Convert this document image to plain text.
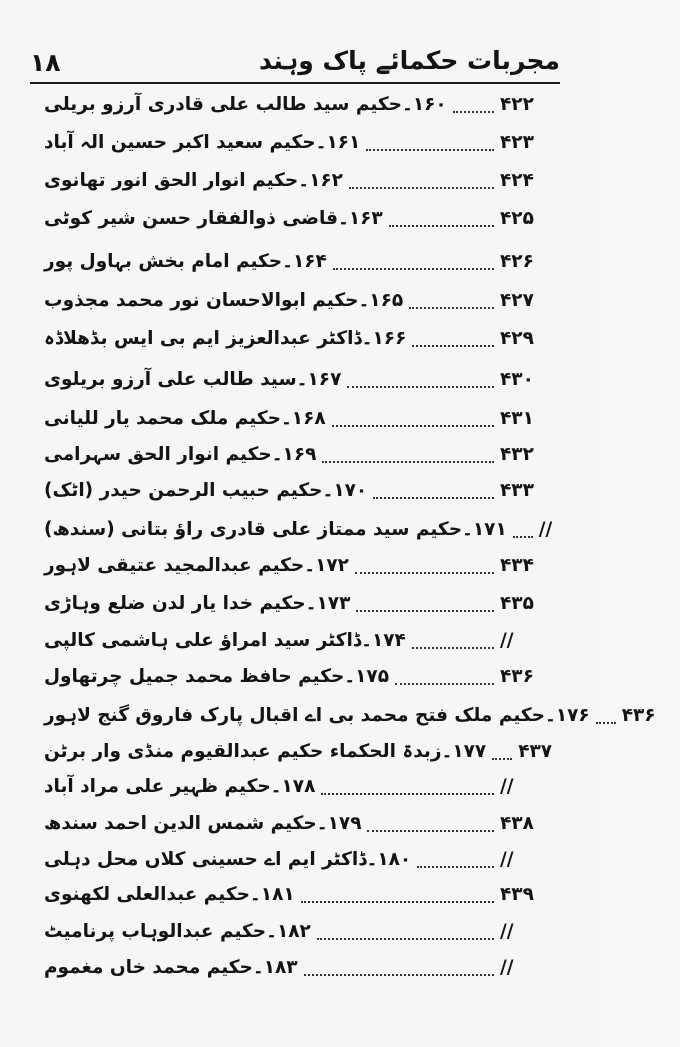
مجربات حکمائے پاک وہند
۱۸
۱۶۰۔حکیم سید طالب علی قادری آرزو بریلی	۴۲۲
۱۶۱۔حکیم سعید اکبر حسین الہ آباد	۴۲۳
۱۶۲۔حکیم انوار الحق انور تھانوی	۴۲۴
۱۶۳۔قاضی ذوالفقار حسن شیر کوٹی	۴۲۵
۱۶۴۔حکیم امام بخش بہاول پور	۴۲۶
۱۶۵۔حکیم ابوالاحسان نور محمد مجذوب	۴۲۷
۱۶۶۔ڈاکٹر عبدالعزیز ایم بی ایس بڈھلاڈہ	۴۲۹
۱۶۷۔سید طالب علی آرزو بریلوی	۴۳۰
۱۶۸۔حکیم ملک محمد یار للیانی	۴۳۱
۱۶۹۔حکیم انوار الحق سہرامی	۴۳۲
۱۷۰۔حکیم حبیب الرحمن حیدر (اٹک)	۴۳۳
۱۷۱۔حکیم سید ممتاز علی قادری راؤ بتانی (سندھ) //
۱۷۲۔حکیم عبدالمجید عتیقی لاہور	۴۳۴
۱۷۳۔حکیم خدا یار لدن ضلع وہاڑی	۴۳۵
۱۷۴۔ڈاکٹر سید امراؤ علی ہاشمی کالپی	//
۱۷۵۔حکیم حافظ محمد جمیل چرتھاول	۴۳۶
۱۷۶۔حکیم ملک فتح محمد بی اے اقبال پارک فاروق گنج لاہور ۴۳۶
۱۷۷۔زبدۃ الحکماء حکیم عبدالقیوم منڈی وار برٹن ۴۳۷
۱۷۸۔حکیم ظہیر علی مراد آباد	//
۱۷۹۔حکیم شمس الدین احمد سندھ	۴۳۸
۱۸۰۔ڈاکٹر ایم اے حسینی کلاں محل دہلی	//
۱۸۱۔حکیم عبدالعلی لکھنوی	۴۳۹
۱۸۲۔حکیم عبدالوہاب پرنامیٹ	//
۱۸۳۔حکیم محمد خاں مغموم	//
